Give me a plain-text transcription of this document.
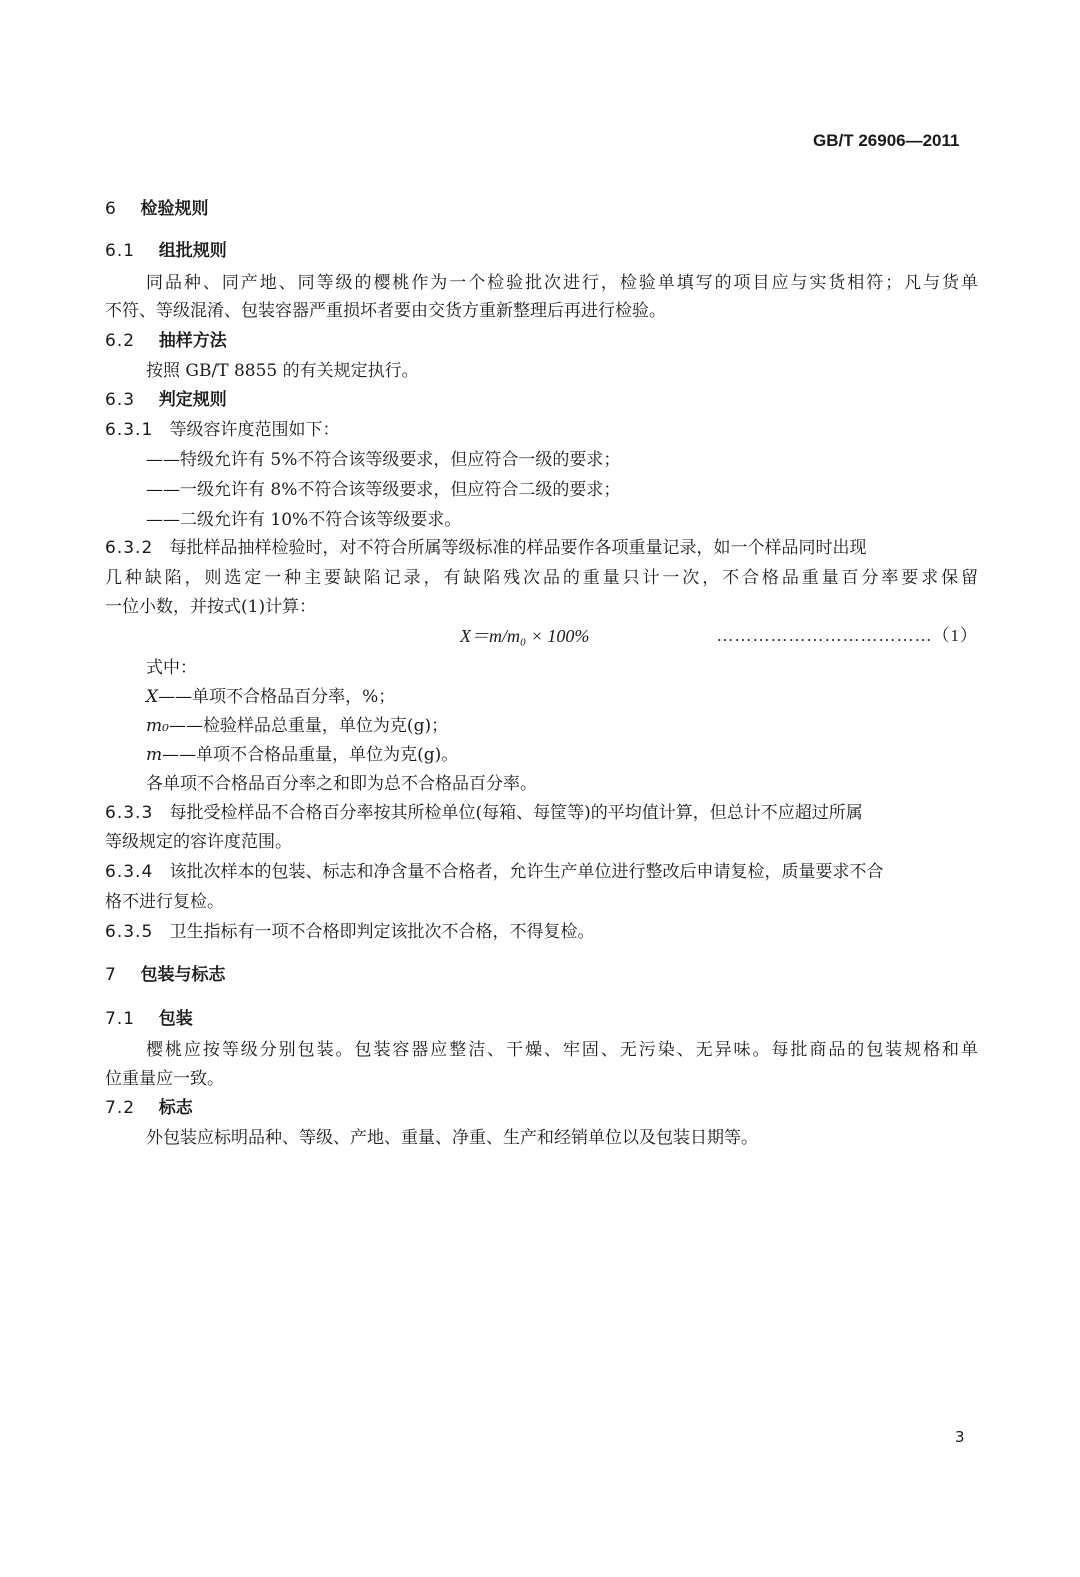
GB/T 26906—2011
6 检验规则
6.1 组批规则
同品种、同产地、同等级的樱桃作为一个检验批次进行，检验单填写的项目应与实货相符；凡与货单
不符、等级混淆、包装容器严重损坏者要由交货方重新整理后再进行检验。
6.2 抽样方法
按照 GB/T 8855 的有关规定执行。
6.3 判定规则
6.3.1 等级容许度范围如下：
——特级允许有 5%不符合该等级要求，但应符合一级的要求；
——一级允许有 8%不符合该等级要求，但应符合二级的要求；
——二级允许有 10%不符合该等级要求。
6.3.2 每批样品抽样检验时，对不符合所属等级标准的样品要作各项重量记录，如一个样品同时出现
几种缺陷，则选定一种主要缺陷记录，有缺陷残次品的重量只计一次，不合格品重量百分率要求保留
一位小数，并按式(1)计算：
X＝m/m₀ × 100%	………………………………（1）
式中：
X——单项不合格品百分率，%；
m₀——检验样品总重量，单位为克(g)；
m——单项不合格品重量，单位为克(g)。
各单项不合格品百分率之和即为总不合格品百分率。
6.3.3 每批受检样品不合格百分率按其所检单位(每箱、每筐等)的平均值计算，但总计不应超过所属
等级规定的容许度范围。
6.3.4 该批次样本的包装、标志和净含量不合格者，允许生产单位进行整改后申请复检，质量要求不合
格不进行复检。
6.3.5 卫生指标有一项不合格即判定该批次不合格，不得复检。
7 包装与标志
7.1 包装
樱桃应按等级分别包装。包装容器应整洁、干燥、牢固、无污染、无异味。每批商品的包装规格和单
位重量应一致。
7.2 标志
外包装应标明品种、等级、产地、重量、净重、生产和经销单位以及包装日期等。
3
